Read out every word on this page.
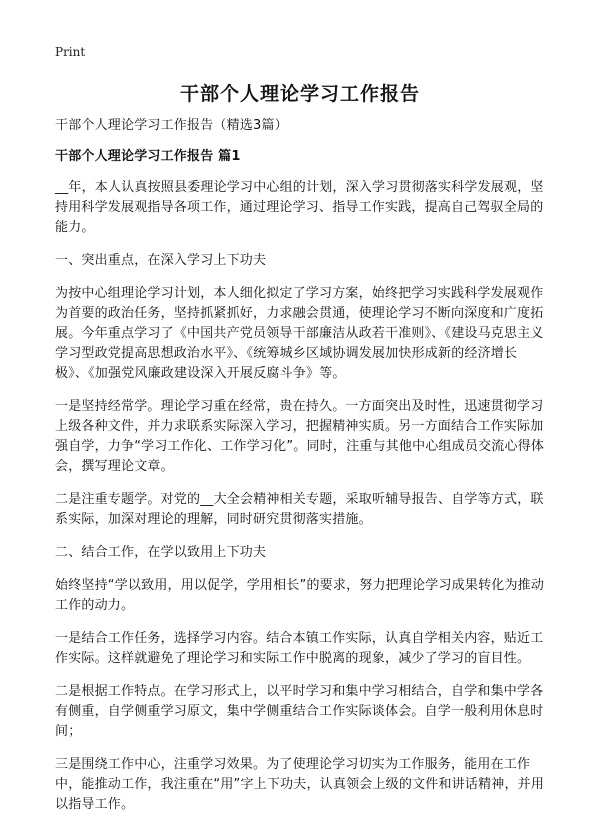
Print
干部个人理论学习工作报告

干部个人理论学习工作报告（精选3篇）

干部个人理论学习工作报告 篇1

__年，本人认真按照县委理论学习中心组的计划，深入学习贯彻落实科学发展观，坚持用科学发展观指导各项工作，通过理论学习、指导工作实践，提高自己驾驭全局的能力。

一、突出重点，在深入学习上下功夫

为按中心组理论学习计划，本人细化拟定了学习方案，始终把学习实践科学发展观作为首要的政治任务，坚持抓紧抓好，力求融会贯通，使理论学习不断向深度和广度拓展。今年重点学习了《中国共产党员领导干部廉洁从政若干准则》、《建设马克思主义学习型政党提高思想政治水平》、《统筹城乡区域协调发展加快形成新的经济增长极》、《加强党风廉政建设深入开展反腐斗争》等。

一是坚持经常学。理论学习重在经常，贵在持久。一方面突出及时性，迅速贯彻学习上级各种文件，并力求联系实际深入学习，把握精神实质。另一方面结合工作实际加强自学，力争“学习工作化、工作学习化”。同时，注重与其他中心组成员交流心得体会，撰写理论文章。

二是注重专题学。对党的__大全会精神相关专题，采取听辅导报告、自学等方式，联系实际，加深对理论的理解，同时研究贯彻落实措施。

二、结合工作，在学以致用上下功夫

始终坚持“学以致用，用以促学，学用相长”的要求，努力把理论学习成果转化为推动工作的动力。

一是结合工作任务，选择学习内容。结合本镇工作实际，认真自学相关内容，贴近工作实际。这样就避免了理论学习和实际工作中脱离的现象，减少了学习的盲目性。

二是根据工作特点。在学习形式上，以平时学习和集中学习相结合，自学和集中学各有侧重，自学侧重学习原文，集中学侧重结合工作实际谈体会。自学一般利用休息时间；

三是围绕工作中心，注重学习效果。为了使理论学习切实为工作服务，能用在工作中，能推动工作，我注重在“用”字上下功夫，认真领会上级的文件和讲话精神，并用以指导工作。
